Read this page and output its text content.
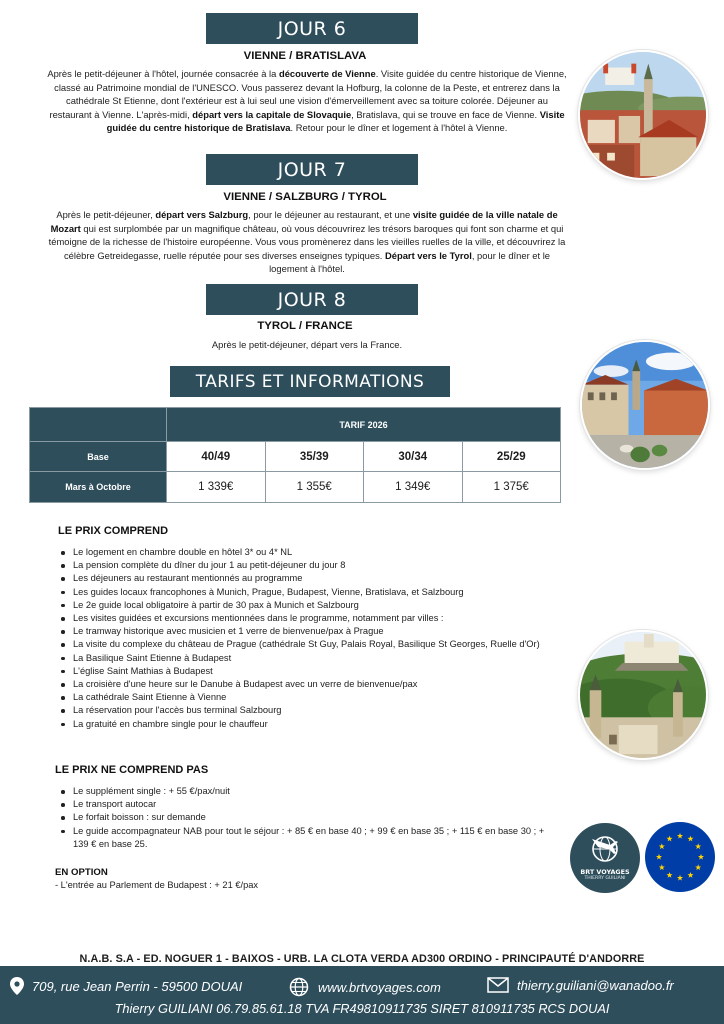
JOUR 6
VIENNE / BRATISLAVA

Après le petit-déjeuner à l'hôtel, journée consacrée à la découverte de Vienne. Visite guidée du centre historique de Vienne, classé au Patrimoine mondial de l'UNESCO. Vous passerez devant la Hofburg, la colonne de la Peste, et entrerez dans la cathédrale St Etienne, dont l'extérieur est à lui seul une vision d'émerveillement avec sa toiture colorée. Déjeuner au restaurant à Vienne. L'après-midi, départ vers la capitale de Slovaquie, Bratislava, qui se trouve en face de Vienne. Visite guidée du centre historique de Bratislava. Retour pour le dîner et logement à l'hôtel à Vienne.

JOUR 7
VIENNE / SALZBURG / TYROL

Après le petit-déjeuner, départ vers Salzburg, pour le déjeuner au restaurant, et une visite guidée de la ville natale de Mozart qui est surplombée par un magnifique château, où vous découvrirez les trésors baroques qui font son charme et qui témoigne de la richesse de l'histoire européenne. Vous vous promènerez dans les vieilles ruelles de la ville, et découvrirez la célèbre Getreidegasse, ruelle réputée pour ses diverses enseignes typiques. Départ vers le Tyrol, pour le dîner et le logement à l'hôtel.

JOUR 8
TYROL / FRANCE

Après le petit-déjeuner, départ vers la France.

TARIFS ET INFORMATIONS
	TARIF 2026			
Base	40/49	35/39	30/34	25/29
Mars à Octobre	1 339€	1 355€	1 349€	1 375€
LE PRIX COMPREND
Le logement en chambre double en hôtel 3* ou 4* NL
La pension complète du dîner du jour 1 au petit-déjeuner du jour 8
Les déjeuners au restaurant mentionnés au programme
Les guides locaux francophones à Munich, Prague, Budapest, Vienne, Bratislava, et Salzbourg
Le 2e guide local obligatoire à partir de 30 pax à Munich et Salzbourg
Les visites guidées et excursions mentionnées dans le programme, notamment par villes :
Le tramway historique avec musicien et 1 verre de bienvenue/pax à Prague
La visite du complexe du château de Prague (cathédrale St Guy, Palais Royal, Basilique St Georges, Ruelle d'Or)
La Basilique Saint Etienne à Budapest
L'église Saint Mathias à Budapest
La croisière d'une heure sur le Danube à Budapest avec un verre de bienvenue/pax
La cathédrale Saint Etienne à Vienne
La réservation pour l'accès bus terminal Salzbourg
La gratuité en chambre single pour le chauffeur
LE PRIX NE COMPREND PAS
Le supplément single : + 55 €/pax/nuit
Le transport autocar
Le forfait boisson : sur demande
Le guide accompagnateur NAB pour tout le séjour : + 85 € en base 40 ; + 99 € en base 35 ; + 115 € en base 30 ; + 139 € en base 25.
EN OPTION
- L'entrée au Parlement de Budapest : + 21 €/pax
BRT VOYAGES
THIERRY GUILIANI
N.A.B. S.A - ED. NOGUER 1 - BAIXOS - URB. LA CLOTA VERDA AD300 ORDINO - PRINCIPAUTÉ D'ANDORRE
709, rue Jean Perrin - 59500 DOUAI	www.brtvoyages.com	thierry.guiliani@wanadoo.fr
Thierry GUILIANI 06.79.85.61.18 TVA FR49810911735 SIRET 810911735 RCS DOUAI
